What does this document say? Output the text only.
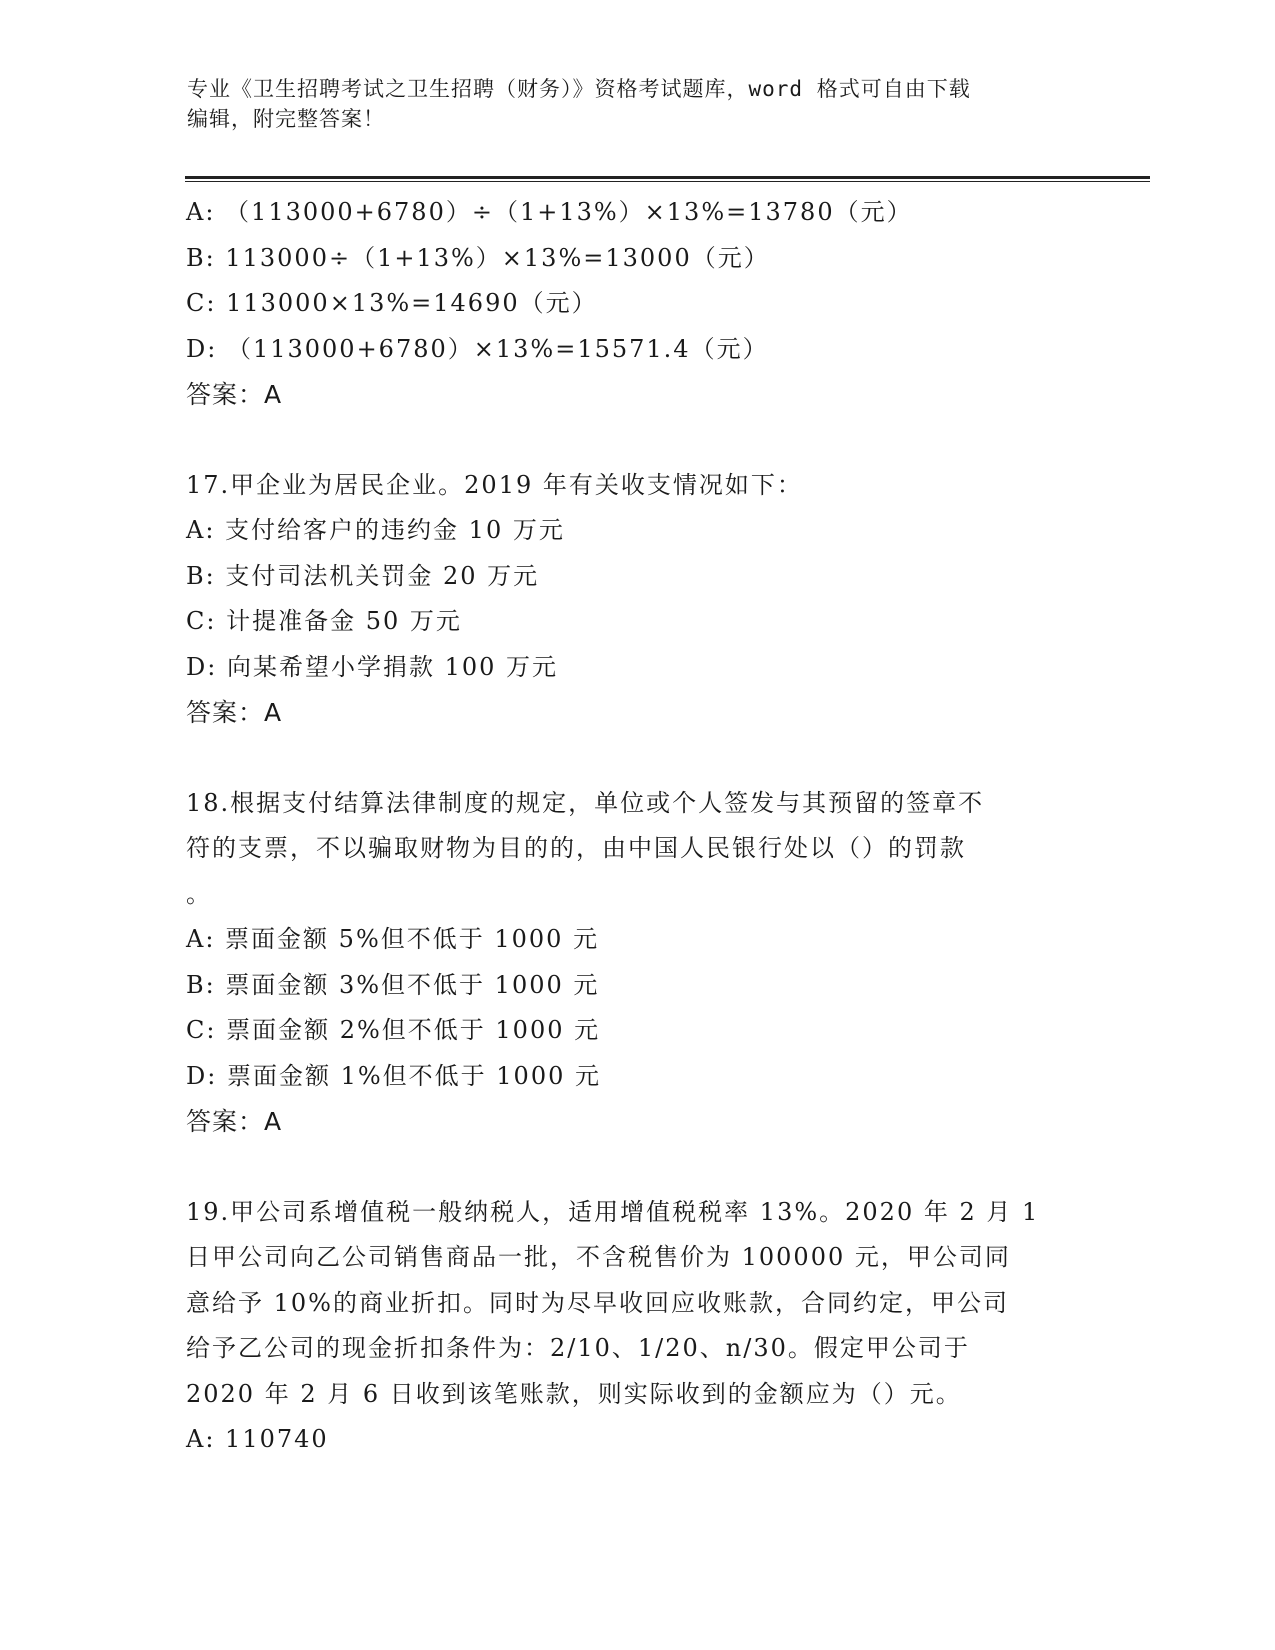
专业《卫生招聘考试之卫生招聘（财务）》资格考试题库，word 格式可自由下载
编辑，附完整答案！
A: （113000+6780）÷（1+13%）×13%=13780（元）
B: 113000÷（1+13%）×13%=13000（元）
C: 113000×13%=14690（元）
D: （113000+6780）×13%=15571.4（元）
答案：A
17.甲企业为居民企业。2019 年有关收支情况如下：
A: 支付给客户的违约金 10 万元
B: 支付司法机关罚金 20 万元
C: 计提准备金 50 万元
D: 向某希望小学捐款 100 万元
答案：A
18.根据支付结算法律制度的规定，单位或个人签发与其预留的签章不
符的支票，不以骗取财物为目的的，由中国人民银行处以（）的罚款
。
A: 票面金额 5%但不低于 1000 元
B: 票面金额 3%但不低于 1000 元
C: 票面金额 2%但不低于 1000 元
D: 票面金额 1%但不低于 1000 元
答案：A
19.甲公司系增值税一般纳税人，适用增值税税率 13%。2020 年 2 月 1
日甲公司向乙公司销售商品一批，不含税售价为 100000 元，甲公司同
意给予 10%的商业折扣。同时为尽早收回应收账款，合同约定，甲公司
给予乙公司的现金折扣条件为：2/10、1/20、n/30。假定甲公司于
2020 年 2 月 6 日收到该笔账款，则实际收到的金额应为（）元。
A: 110740
